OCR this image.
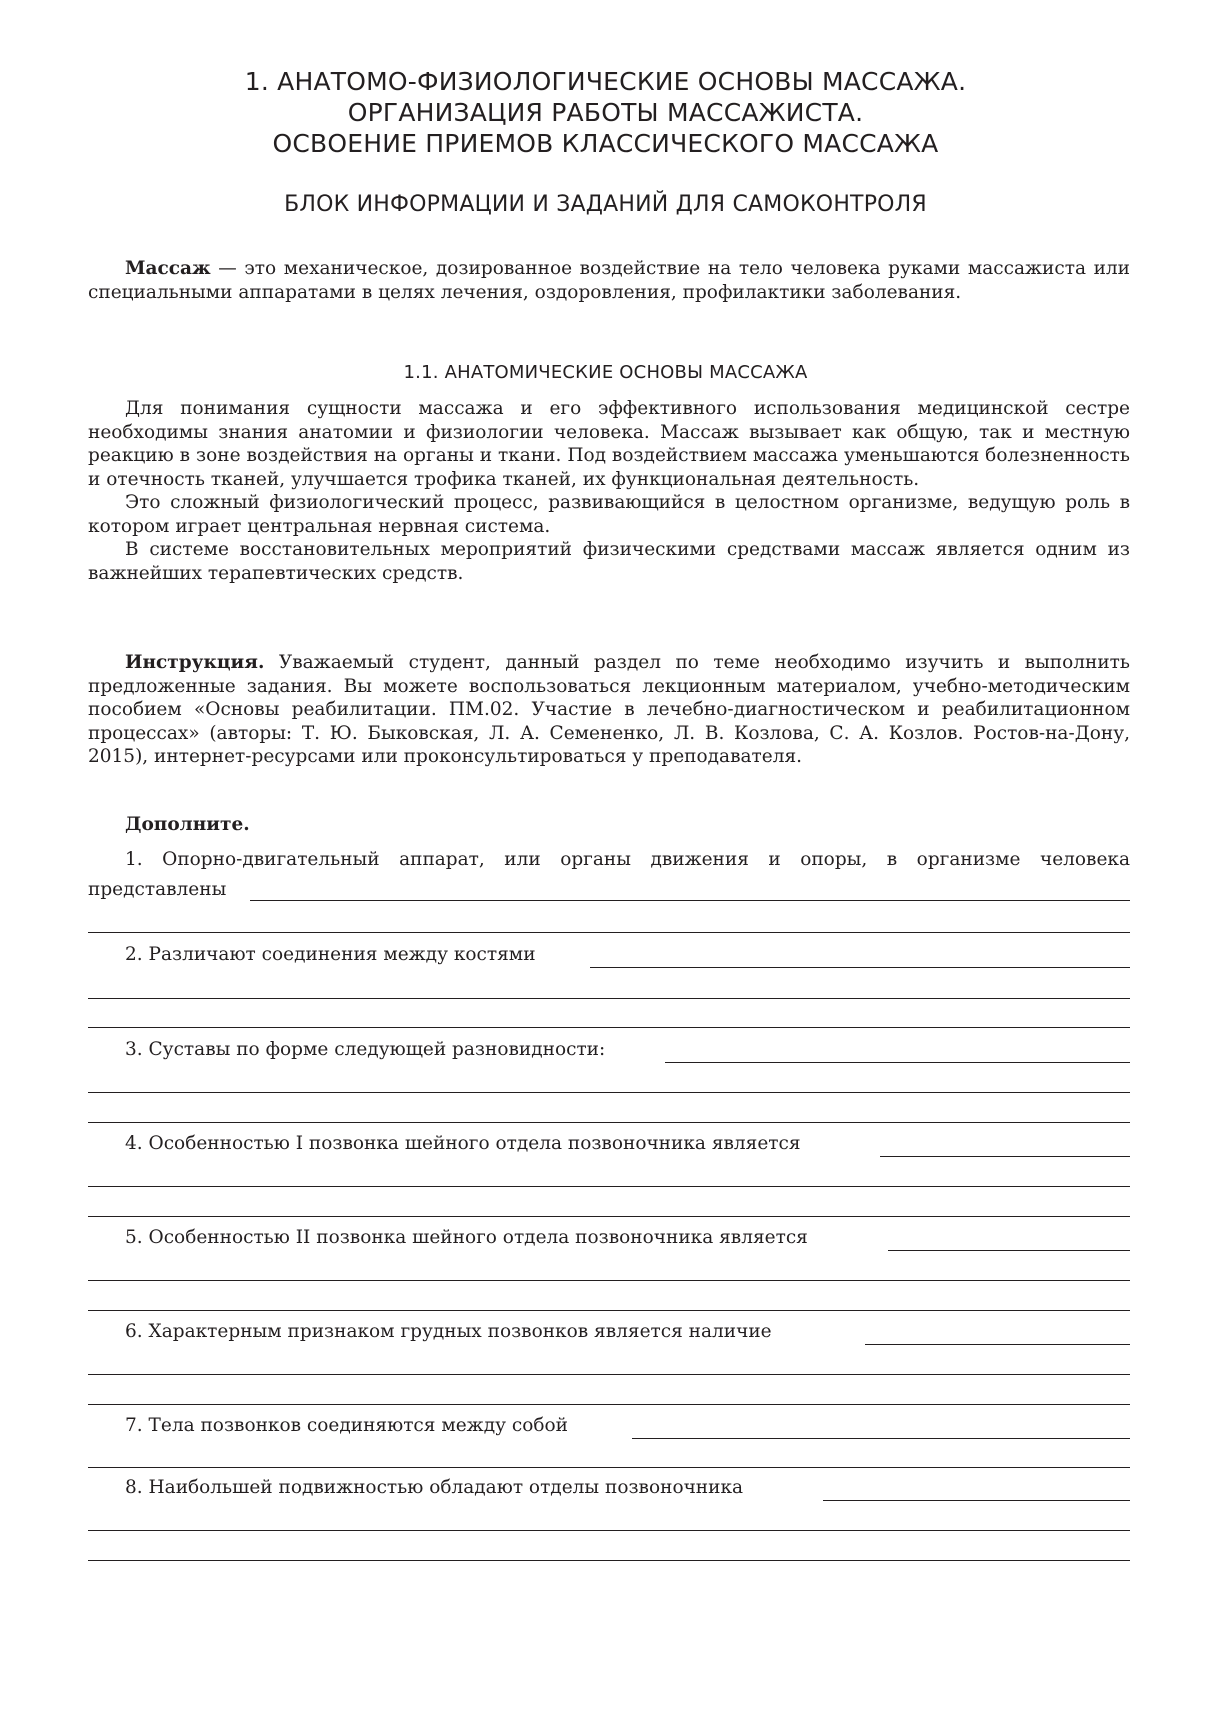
1. АНАТОМО-ФИЗИОЛОГИЧЕСКИЕ ОСНОВЫ МАССАЖА.
ОРГАНИЗАЦИЯ РАБОТЫ МАССАЖИСТА.
ОСВОЕНИЕ ПРИЕМОВ КЛАССИЧЕСКОГО МАССАЖА
БЛОК ИНФОРМАЦИИ И ЗАДАНИЙ ДЛЯ САМОКОНТРОЛЯ

Массаж — это механическое, дозированное воздействие на тело человека руками массажиста или специальными аппаратами в целях лечения, оздоровления, профилактики заболевания.

1.1. АНАТОМИЧЕСКИЕ ОСНОВЫ МАССАЖА

Для понимания сущности массажа и его эффективного использования медицинской сестре необходимы знания анатомии и физиологии человека. Массаж вызывает как общую, так и местную реакцию в зоне воздействия на органы и ткани. Под воздействием массажа уменьшаются болезненность и отечность тканей, улучшается трофика тканей, их функциональная деятельность.

Это сложный физиологический процесс, развивающийся в целостном организме, ведущую роль в котором играет центральная нервная система.

В системе восстановительных мероприятий физическими средствами массаж является одним из важнейших терапевтических средств.

Инструкция. Уважаемый студент, данный раздел по теме необходимо изучить и выполнить предложенные задания. Вы можете воспользоваться лекционным материалом, учебно-методическим пособием «Основы реабилитации. ПМ.02. Участие в лечебно-диагностическом и реабилитационном процессах» (авторы: Т. Ю. Быковская, Л. А. Семененко, Л. В. Козлова, С. А. Козлов. Ростов-на-Дону, 2015), интернет-ресурсами или проконсультироваться у преподавателя.

Дополните.
1. Опорно-двигательный аппарат, или органы движения и опоры, в организме человека
представлены
2. Различают соединения между костями
3. Суставы по форме следующей разновидности:
4. Особенностью I позвонка шейного отдела позвоночника является
5. Особенностью II позвонка шейного отдела позвоночника является
6. Характерным признаком грудных позвонков является наличие
7. Тела позвонков соединяются между собой
8. Наибольшей подвижностью обладают отделы позвоночника
